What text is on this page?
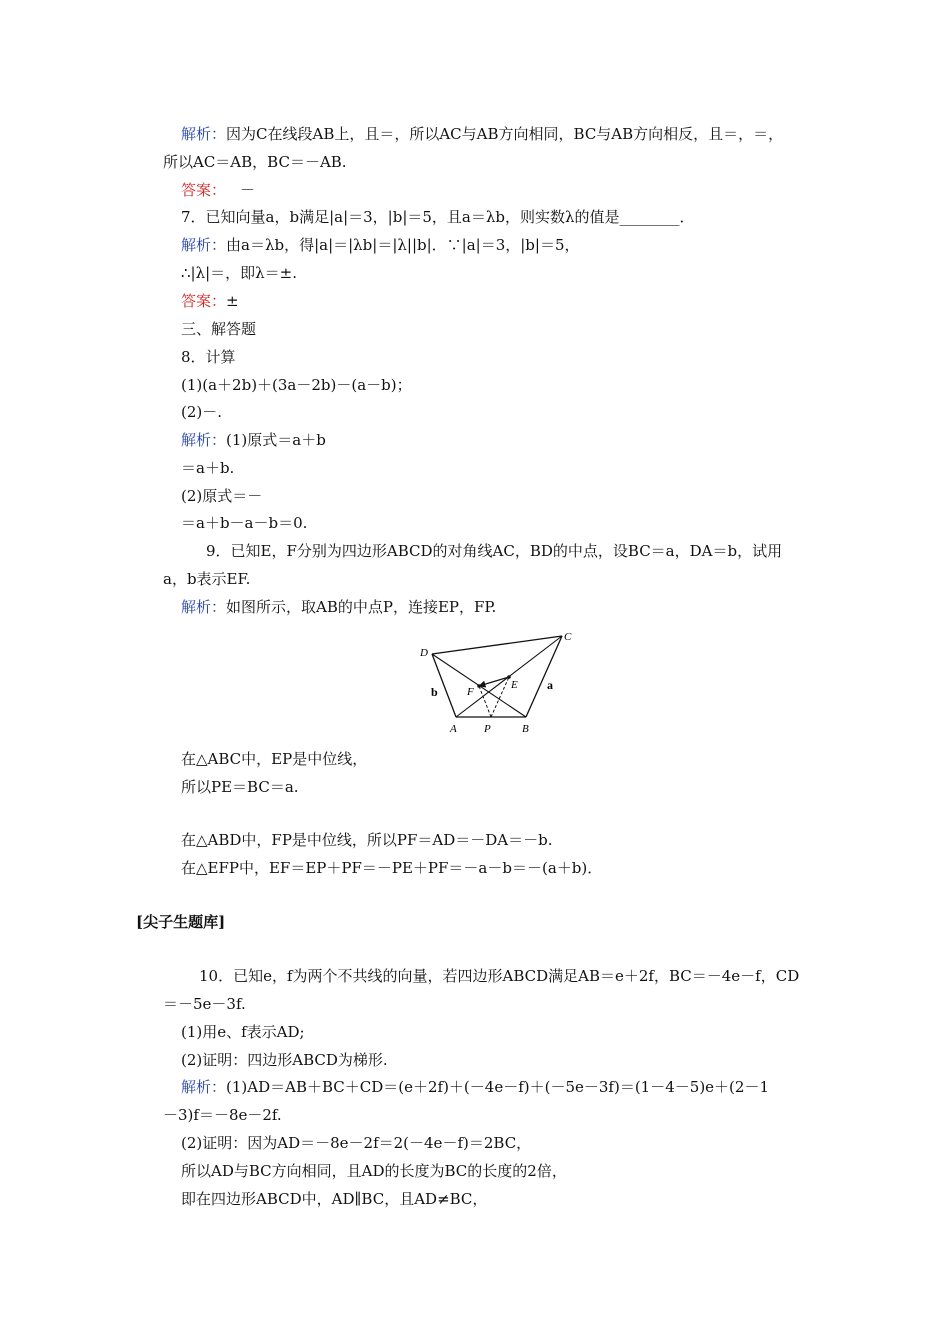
解析：因为C在线段AB上，且＝，所以AC与AB方向相同，BC与AB方向相反，且＝，＝，
所以AC＝AB，BC＝－AB.
答案： －
7．已知向量a，b满足|a|＝3，|b|＝5，且a＝λb，则实数λ的值是________．
解析：由a＝λb，得|a|＝|λb|＝|λ||b|．∵|a|＝3，|b|＝5，
∴|λ|＝，即λ＝±.
答案：±
三、解答题
8．计算
(1)(a＋2b)＋(3a－2b)－(a－b)；
(2)－.
解析：(1)原式＝a＋b
＝a＋b.
(2)原式＝－
＝a＋b－a－b＝0.
9．已知E，F分别为四边形ABCD的对角线AC，BD的中点，设BC＝a，DA＝b，试用
a，b表示EF.
解析：如图所示，取AB的中点P，连接EP，FP.
D
C
A P	B
E
F
b	a
在△ABC中，EP是中位线，
所以PE＝BC＝a.
在△ABD中，FP是中位线，所以PF＝AD＝－DA＝－b.
在△EFP中，EF＝EP＋PF＝－PE＋PF＝－a－b＝－(a＋b)．
[尖子生题库]
10．已知e，f为两个不共线的向量，若四边形ABCD满足AB＝e＋2f，BC＝－4e－f，CD
＝－5e－3f.
(1)用e、f表示AD;
(2)证明：四边形ABCD为梯形.
解析：(1)AD＝AB＋BC＋CD＝(e＋2f)＋(－4e－f)＋(－5e－3f)＝(1－4－5)e＋(2－1
－3)f＝－8e－2f.
(2)证明：因为AD＝－8e－2f＝2(－4e－f)＝2BC，
所以AD与BC方向相同，且AD的长度为BC的长度的2倍，
即在四边形ABCD中，AD∥BC，且AD≠BC，
